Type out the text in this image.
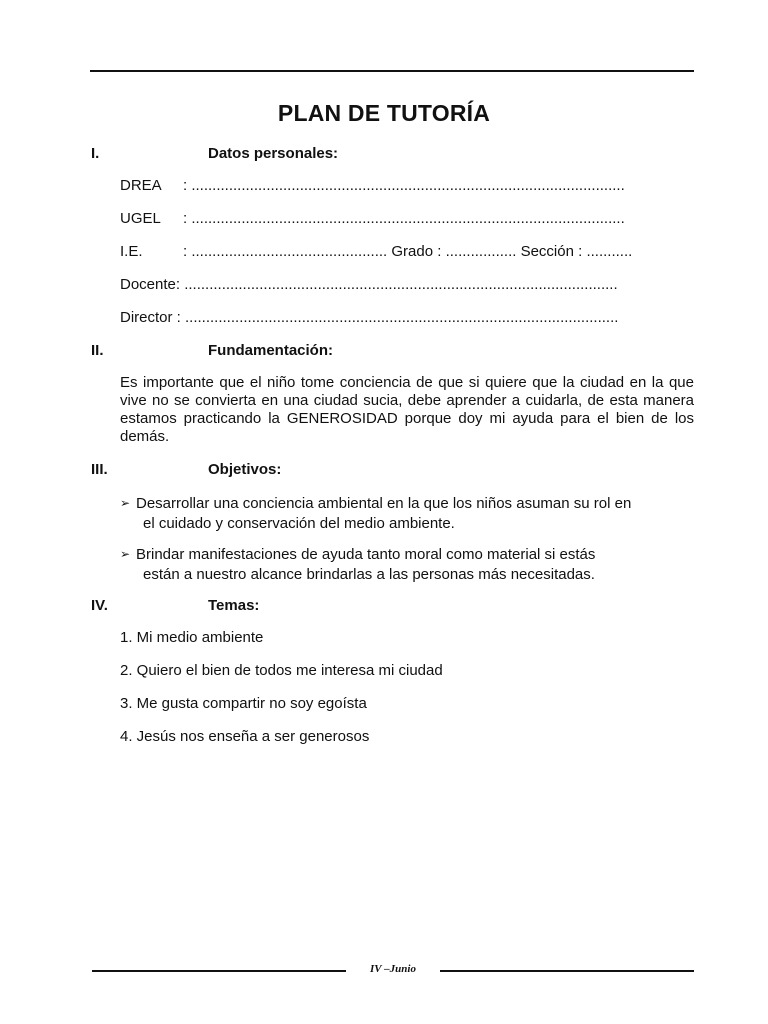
PLAN DE TUTORÍA
I.	Datos personales:
DREA : ........................................................................................................
UGEL : ........................................................................................................
I.E.	: ............................................... Grado : ................. Sección : ...........
Docente: ........................................................................................................
Director : ........................................................................................................
II.	Fundamentación:
Es importante que el niño tome conciencia de que si quiere que la ciudad en la que vive no se convierta en una ciudad sucia, debe aprender a cuidarla, de esta manera estamos practicando la GENEROSIDAD porque doy mi ayuda para el bien de los demás.
III.	Objetivos:
➢ Desarrollar una conciencia ambiental en la que los niños asuman su rol en
el cuidado y conservación del medio ambiente.
➢ Brindar manifestaciones de ayuda tanto moral como material si estás
están a nuestro alcance brindarlas a las personas más necesitadas.
IV.	Temas:
1. Mi medio ambiente
2. Quiero el bien de todos me interesa mi ciudad
3. Me gusta compartir no soy egoísta
4. Jesús nos enseña a ser generosos
IV –Junio
